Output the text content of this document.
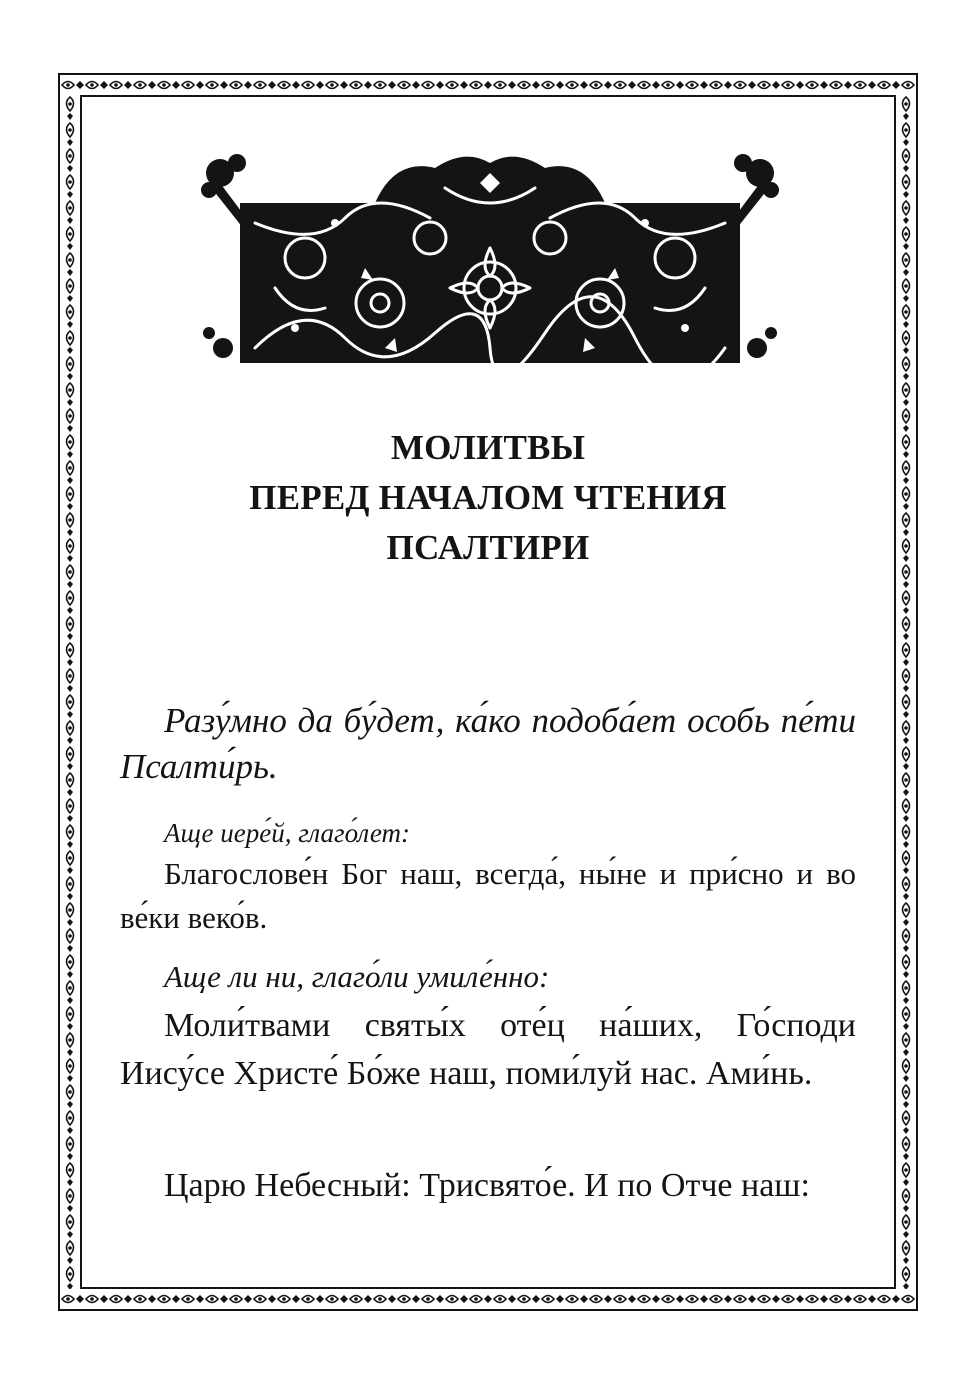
МОЛИТВЫ
ПЕРЕД НАЧАЛОМ ЧТЕНИЯ
ПСАЛТИРИ
Разу́мно да бу́дет, ка́ко подоба́ет особь пе́ти Псалти́рь.
Аще иере́й, глаго́лет:
Благослове́н Бог наш, всегда́, ны́не и при́сно и во ве́ки веко́в.
Аще ли ни, глаго́ли умиле́нно:
Моли́твами святы́х оте́ц на́ших, Го́споди Иису́се Христе́ Бо́же наш, поми́луй нас. Ами́нь.
Царю Небесный: Трисвято́е. И по Отче наш:
